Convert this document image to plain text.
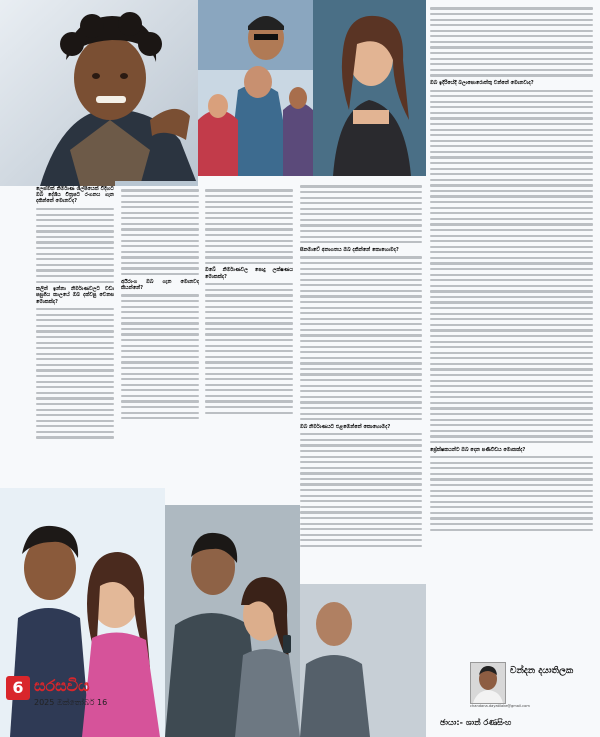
ලෙස්මක් නිර්මාණ ශිල්පියෙක් විදිහට ඔබ දේශීය චිත්‍රපට රංගනය ගැන දකින්නේ මොනවද?
කලින් ඉන්නා නිර්මාණවලට වඩා පසුගිය කාලයේ ඔබ දක්වපු වෙනස මොකක්ද?
අයිරාංග ඔබ ගැන මොනවද කියන්නේ?
ඔබේ නිර්මාණවල පොදු ලක්ෂණය මොකක්ද?
සිනමාවේ අනාගතය ඔබ දකින්නේ කොහොමද?
ඔබ නිර්මාණයට එළඹෙන්නේ කොහොමද?
ඔබ ඉදිරියේදී බලාපොරොත්තු වන්නේ මොනවාද?
ප්‍රේක්ෂකයන්ට ඔබ දෙන පණිවිඩය මොකක්ද?
චන්දන දයාතිලක
chandana.dayatilake@gmail.com
ඡායා:- ශාන් රණසිංහ
6 සරසවිය
2025 ඔක්තෝබර් 16
